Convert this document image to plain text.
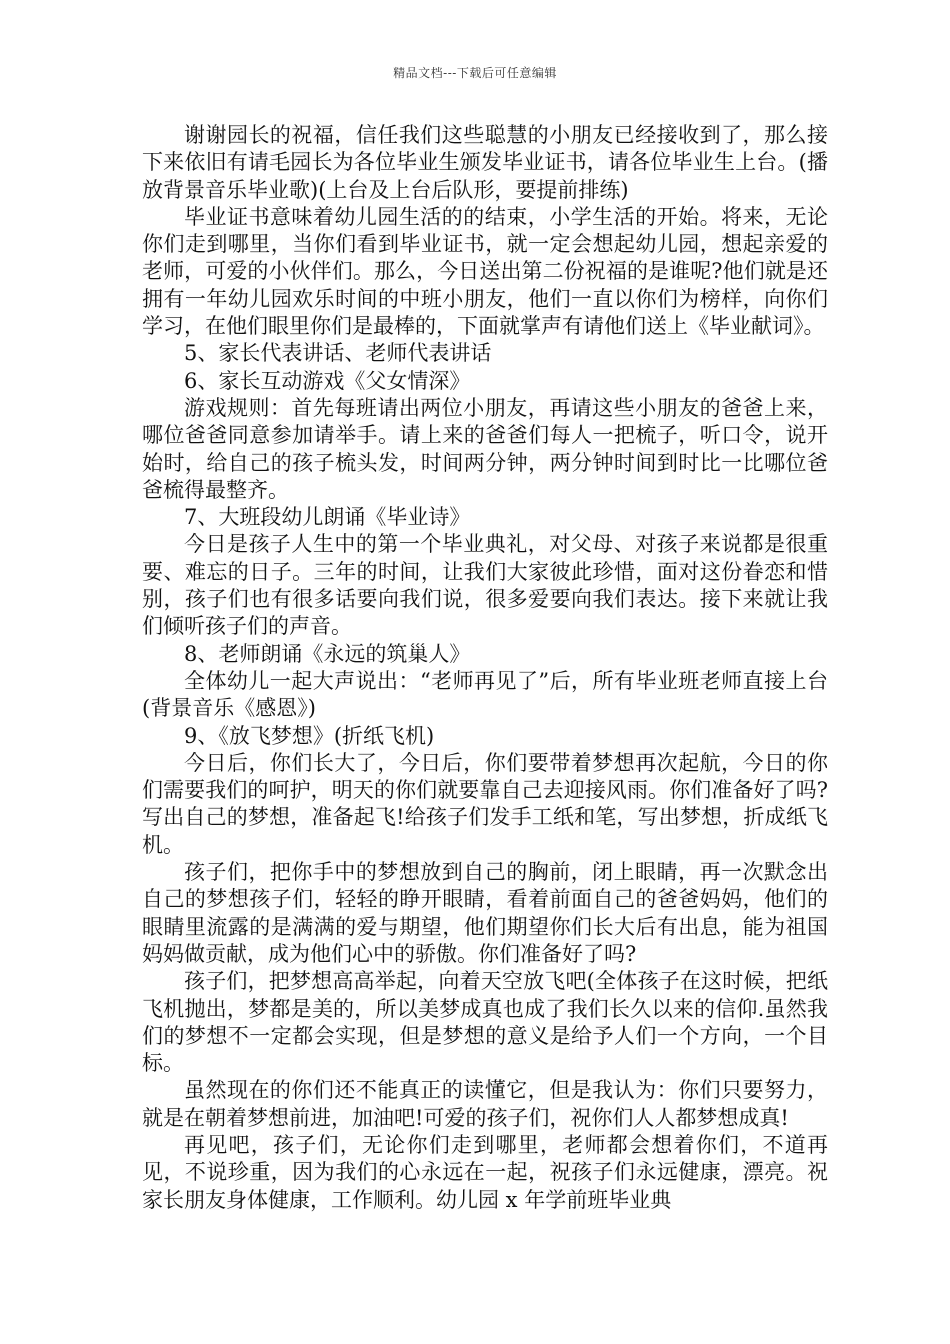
精品文档---下载后可任意编辑

谢谢园长的祝福，信任我们这些聪慧的小朋友已经接收到了，那么接下来依旧有请毛园长为各位毕业生颁发毕业证书，请各位毕业生上台。(播放背景音乐毕业歌)(上台及上台后队形，要提前排练)

毕业证书意味着幼儿园生活的的结束，小学生活的开始。将来，无论你们走到哪里，当你们看到毕业证书，就一定会想起幼儿园，想起亲爱的老师，可爱的小伙伴们。那么，今日送出第二份祝福的是谁呢?他们就是还拥有一年幼儿园欢乐时间的中班小朋友，他们一直以你们为榜样，向你们学习，在他们眼里你们是最棒的，下面就掌声有请他们送上《毕业献词》。

5、家长代表讲话、老师代表讲话

6、家长互动游戏《父女情深》

游戏规则：首先每班请出两位小朋友，再请这些小朋友的爸爸上来，哪位爸爸同意参加请举手。请上来的爸爸们每人一把梳子，听口令，说开始时，给自己的孩子梳头发，时间两分钟，两分钟时间到时比一比哪位爸爸梳得最整齐。

7、大班段幼儿朗诵《毕业诗》

今日是孩子人生中的第一个毕业典礼，对父母、对孩子来说都是很重要、难忘的日子。三年的时间，让我们大家彼此珍惜，面对这份眷恋和惜别，孩子们也有很多话要向我们说，很多爱要向我们表达。接下来就让我们倾听孩子们的声音。

8、老师朗诵《永远的筑巢人》

全体幼儿一起大声说出：“老师再见了”后，所有毕业班老师直接上台(背景音乐《感恩》)

9、《放飞梦想》(折纸飞机)

今日后，你们长大了，今日后，你们要带着梦想再次起航，今日的你们需要我们的呵护，明天的你们就要靠自己去迎接风雨。你们准备好了吗?写出自己的梦想，准备起飞!给孩子们发手工纸和笔，写出梦想，折成纸飞机。

孩子们，把你手中的梦想放到自己的胸前，闭上眼睛，再一次默念出自己的梦想孩子们，轻轻的睁开眼睛，看着前面自己的爸爸妈妈，他们的眼睛里流露的是满满的爱与期望，他们期望你们长大后有出息，能为祖国妈妈做贡献，成为他们心中的骄傲。你们准备好了吗?

孩子们，把梦想高高举起，向着天空放飞吧(全体孩子在这时候，把纸飞机抛出，梦都是美的，所以美梦成真也成了我们长久以来的信仰.虽然我们的梦想不一定都会实现，但是梦想的意义是给予人们一个方向，一个目标。

虽然现在的你们还不能真正的读懂它，但是我认为：你们只要努力，就是在朝着梦想前进，加油吧!可爱的孩子们，祝你们人人都梦想成真!

再见吧，孩子们，无论你们走到哪里，老师都会想着你们，不道再见，不说珍重，因为我们的心永远在一起，祝孩子们永远健康，漂亮。祝家长朋友身体健康，工作顺利。幼儿园 x 年学前班毕业典
